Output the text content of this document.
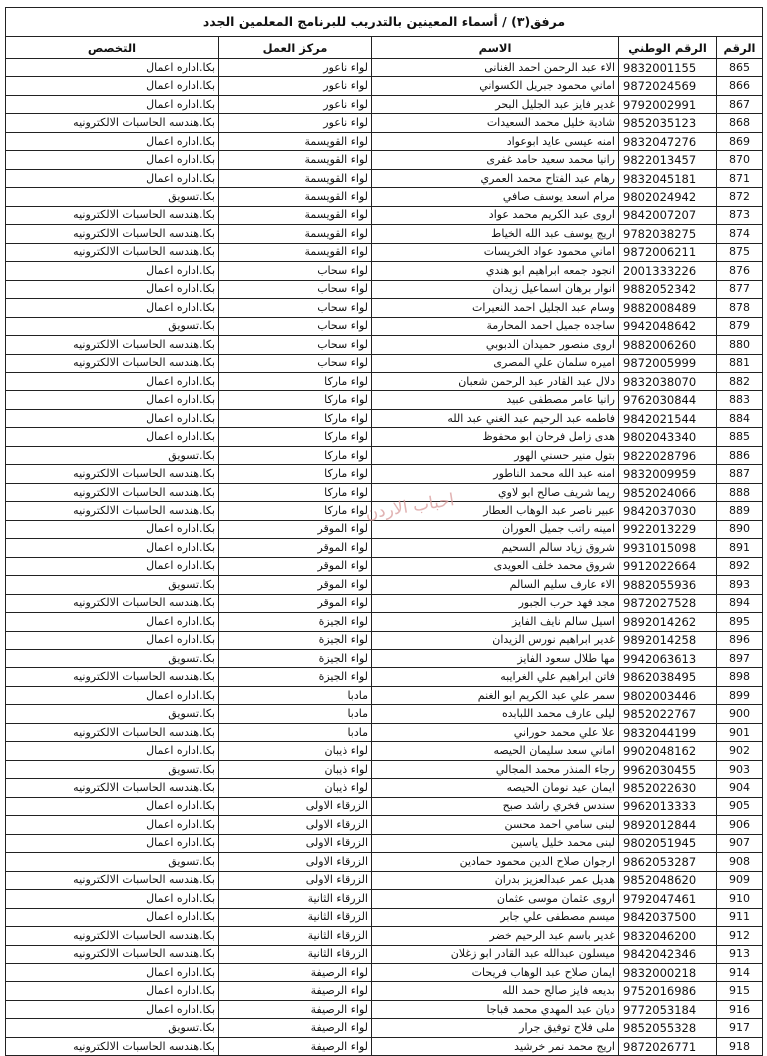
مرفق(٣) / أسماء المعينين بالتدريب للبرنامج المعلمين الجدد				
الرقم	الرقم الوطني	الاسم	مركز العمل	التخصص
865	9832001155	الاء عبد الرحمن احمد الغنانى	لواء ناعور	بكا.اداره اعمال
866	9872024569	اماني محمود جبريل الكسواني	لواء ناعور	بكا.اداره اعمال
867	9792002991	غدير فايز عبد الجليل البحر	لواء ناعور	بكا.اداره اعمال
868	9852035123	شادية خليل محمد السعيدات	لواء ناعور	بكا.هندسه الحاسبات الالكترونيه
869	9832047276	امنه عيسى عايد ابوعواد	لواء القويسمة	بكا.اداره اعمال
870	9822013457	رانيا محمد سعيد حامد غفرى	لواء القويسمة	بكا.اداره اعمال
871	9832045181	رهام عبد الفتاح محمد العمري	لواء القويسمة	بكا.اداره اعمال
872	9802024942	مرام اسعد يوسف صافي	لواء القويسمة	بكا.تسويق
873	9842007207	اروى عبد الكريم محمد عواد	لواء القويسمة	بكا.هندسه الحاسبات الالكترونيه
874	9782038275	اريج يوسف عبد الله الخياط	لواء القويسمة	بكا.هندسه الحاسبات الالكترونيه
875	9872006211	اماني محمود عواد الخريسات	لواء القويسمة	بكا.هندسه الحاسبات الالكترونيه
876	2001333226	انجود جمعه ابراهيم ابو هندي	لواء سحاب	بكا.اداره اعمال
877	9882052342	انوار برهان اسماعيل زيدان	لواء سحاب	بكا.اداره اعمال
878	9882008489	وسام عبد الجليل احمد النعيرات	لواء سحاب	بكا.اداره اعمال
879	9942048642	ساجده جميل احمد المحارمة	لواء سحاب	بكا.تسويق
880	9882006260	اروى منصور حميدان الدبوبي	لواء سحاب	بكا.هندسه الحاسبات الالكترونيه
881	9872005999	اميره سلمان علي المصرى	لواء سحاب	بكا.هندسه الحاسبات الالكترونيه
882	9832038070	دلال عبد القادر عبد الرحمن شعبان	لواء ماركا	بكا.اداره اعمال
883	9762030844	رانيا عامر مصطفى عبيد	لواء ماركا	بكا.اداره اعمال
884	9842021544	فاطمه عبد الرحيم عبد الغني عبد الله	لواء ماركا	بكا.اداره اعمال
885	9802043340	هدى زامل فرحان ابو محفوظ	لواء ماركا	بكا.اداره اعمال
886	9822028796	بتول منير حسني الهور	لواء ماركا	بكا.تسويق
887	9832009959	امنه عبد الله محمد الناطور	لواء ماركا	بكا.هندسه الحاسبات الالكترونيه
888	9852024066	ريما شريف صالح ابو لاوي	لواء ماركا	بكا.هندسه الحاسبات الالكترونيه
889	9842037030	عبير ناصر عبد الوهاب العطار	لواء ماركا	بكا.هندسه الحاسبات الالكترونيه
890	9922013229	امينه راتب جميل العوران	لواء الموقر	بكا.اداره اعمال
891	9931015098	شروق زياد سالم السحيم	لواء الموقر	بكا.اداره اعمال
892	9912022664	شروق محمد خلف العويدى	لواء الموقر	بكا.اداره اعمال
893	9882055936	الاء عارف سليم السالم	لواء الموقر	بكا.تسويق
894	9872027528	مجد فهد حرب الجبور	لواء الموقر	بكا.هندسه الحاسبات الالكترونيه
895	9892014262	اسيل سالم نايف الفايز	لواء الجيزة	بكا.اداره اعمال
896	9892014258	غدير ابراهيم نورس الزيدان	لواء الجيزة	بكا.اداره اعمال
897	9942063613	مها طلال سعود الفايز	لواء الجيزة	بكا.تسويق
898	9862038495	فاتن ابراهيم علي الغرايبه	لواء الجيزة	بكا.هندسه الحاسبات الالكترونيه
899	9802003446	سمر علي عبد الكريم ابو الغنم	مادبا	بكا.اداره اعمال
900	9852022767	ليلى عارف محمد اللبابده	مادبا	بكا.تسويق
901	9832044199	علا علي محمد حوراني	مادبا	بكا.هندسه الحاسبات الالكترونيه
902	9902048162	اماني سعد سليمان الحيصه	لواء ذيبان	بكا.اداره اعمال
903	9962030455	رجاء المنذر محمد المجالي	لواء ذيبان	بكا.تسويق
904	9852022630	ايمان عيد نومان الحيصه	لواء ذيبان	بكا.هندسه الحاسبات الالكترونيه
905	9962013333	سندس فخري راشد صبح	الزرقاء الاولى	بكا.اداره اعمال
906	9892012844	لبنى سامي احمد محسن	الزرقاء الاولى	بكا.اداره اعمال
907	9802051945	لبنى محمد خليل ياسين	الزرقاء الاولى	بكا.اداره اعمال
908	9862053287	ارجوان صلاح الدين محمود حمادين	الزرقاء الاولى	بكا.تسويق
909	9852048620	هديل عمر عبدالعزيز بدران	الزرقاء الاولى	بكا.هندسه الحاسبات الالكترونيه
910	9792047461	اروى عثمان موسى عثمان	الزرقاء الثانية	بكا.اداره اعمال
911	9842037500	ميسم مصطفى علي جابر	الزرقاء الثانية	بكا.اداره اعمال
912	9832046200	غدير باسم عبد الرحيم خضر	الزرقاء الثانية	بكا.هندسه الحاسبات الالكترونيه
913	9842042346	ميسلون عبدالله عبد القادر ابو زغلان	الزرقاء الثانية	بكا.هندسه الحاسبات الالكترونيه
914	9832000218	ايمان صلاح عبد الوهاب فريحات	لواء الرصيفة	بكا.اداره اعمال
915	9752016986	بديعه فايز صالح حمد الله	لواء الرصيفة	بكا.اداره اعمال
916	9772053184	ديان عبد المهدي محمد قباجا	لواء الرصيفة	بكا.اداره اعمال
917	9852055328	ملى فلاح توفيق جرار	لواء الرصيفة	بكا.تسويق
918	9872026771	اريج محمد نمر خرشيد	لواء الرصيفة	بكا.هندسه الحاسبات الالكترونيه
احباب الاردن
